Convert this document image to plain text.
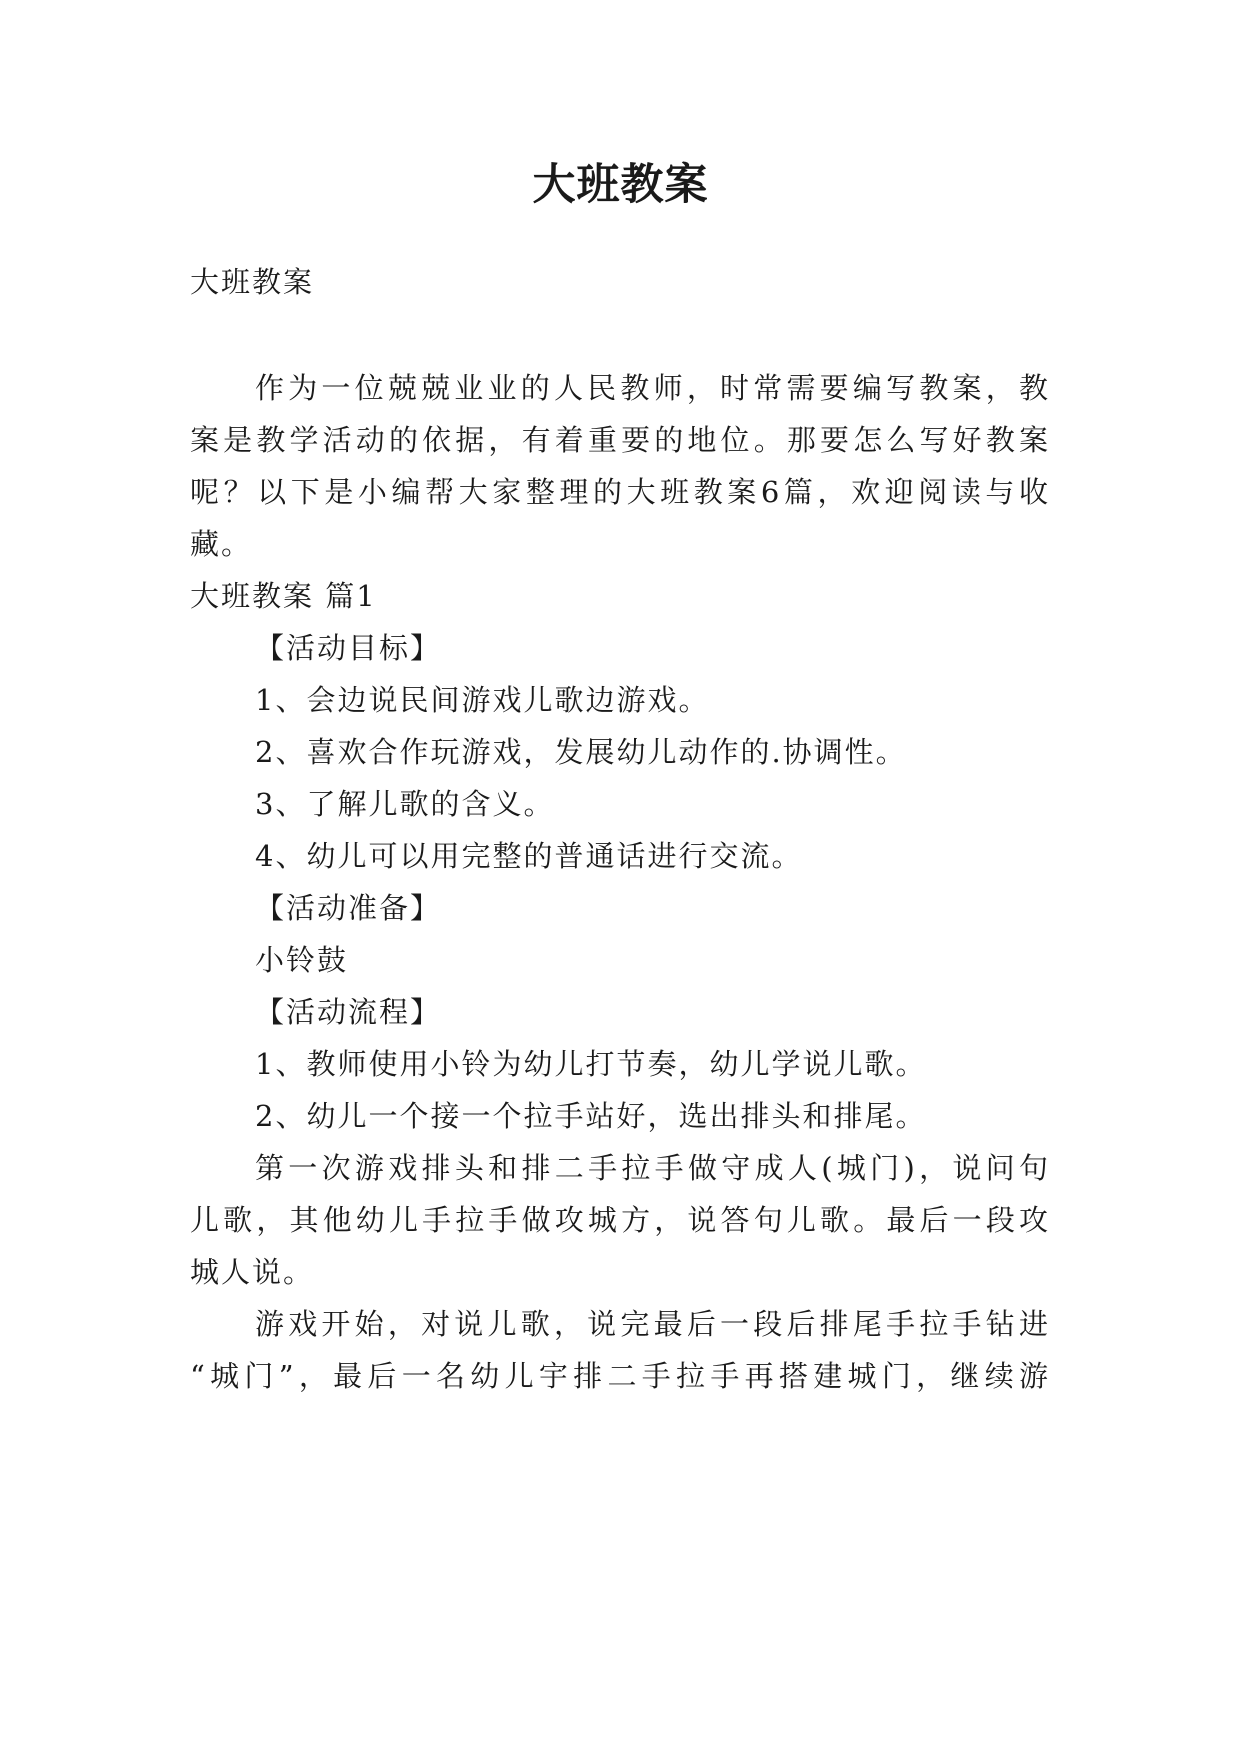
大班教案

大班教案

作为一位兢兢业业的人民教师，时常需要编写教案，教

案是教学活动的依据，有着重要的地位。那要怎么写好教案

呢？以下是小编帮大家整理的大班教案6篇，欢迎阅读与收

藏。

大班教案 篇1

【活动目标】

1、会边说民间游戏儿歌边游戏。

2、喜欢合作玩游戏，发展幼儿动作的.协调性。

3、了解儿歌的含义。

4、幼儿可以用完整的普通话进行交流。

【活动准备】

小铃鼓

【活动流程】

1、教师使用小铃为幼儿打节奏，幼儿学说儿歌。

2、幼儿一个接一个拉手站好，选出排头和排尾。

第一次游戏排头和排二手拉手做守成人(城门)，说问句

儿歌，其他幼儿手拉手做攻城方，说答句儿歌。最后一段攻

城人说。

游戏开始，对说儿歌，说完最后一段后排尾手拉手钻进

“城门”，最后一名幼儿宇排二手拉手再搭建城门，继续游
